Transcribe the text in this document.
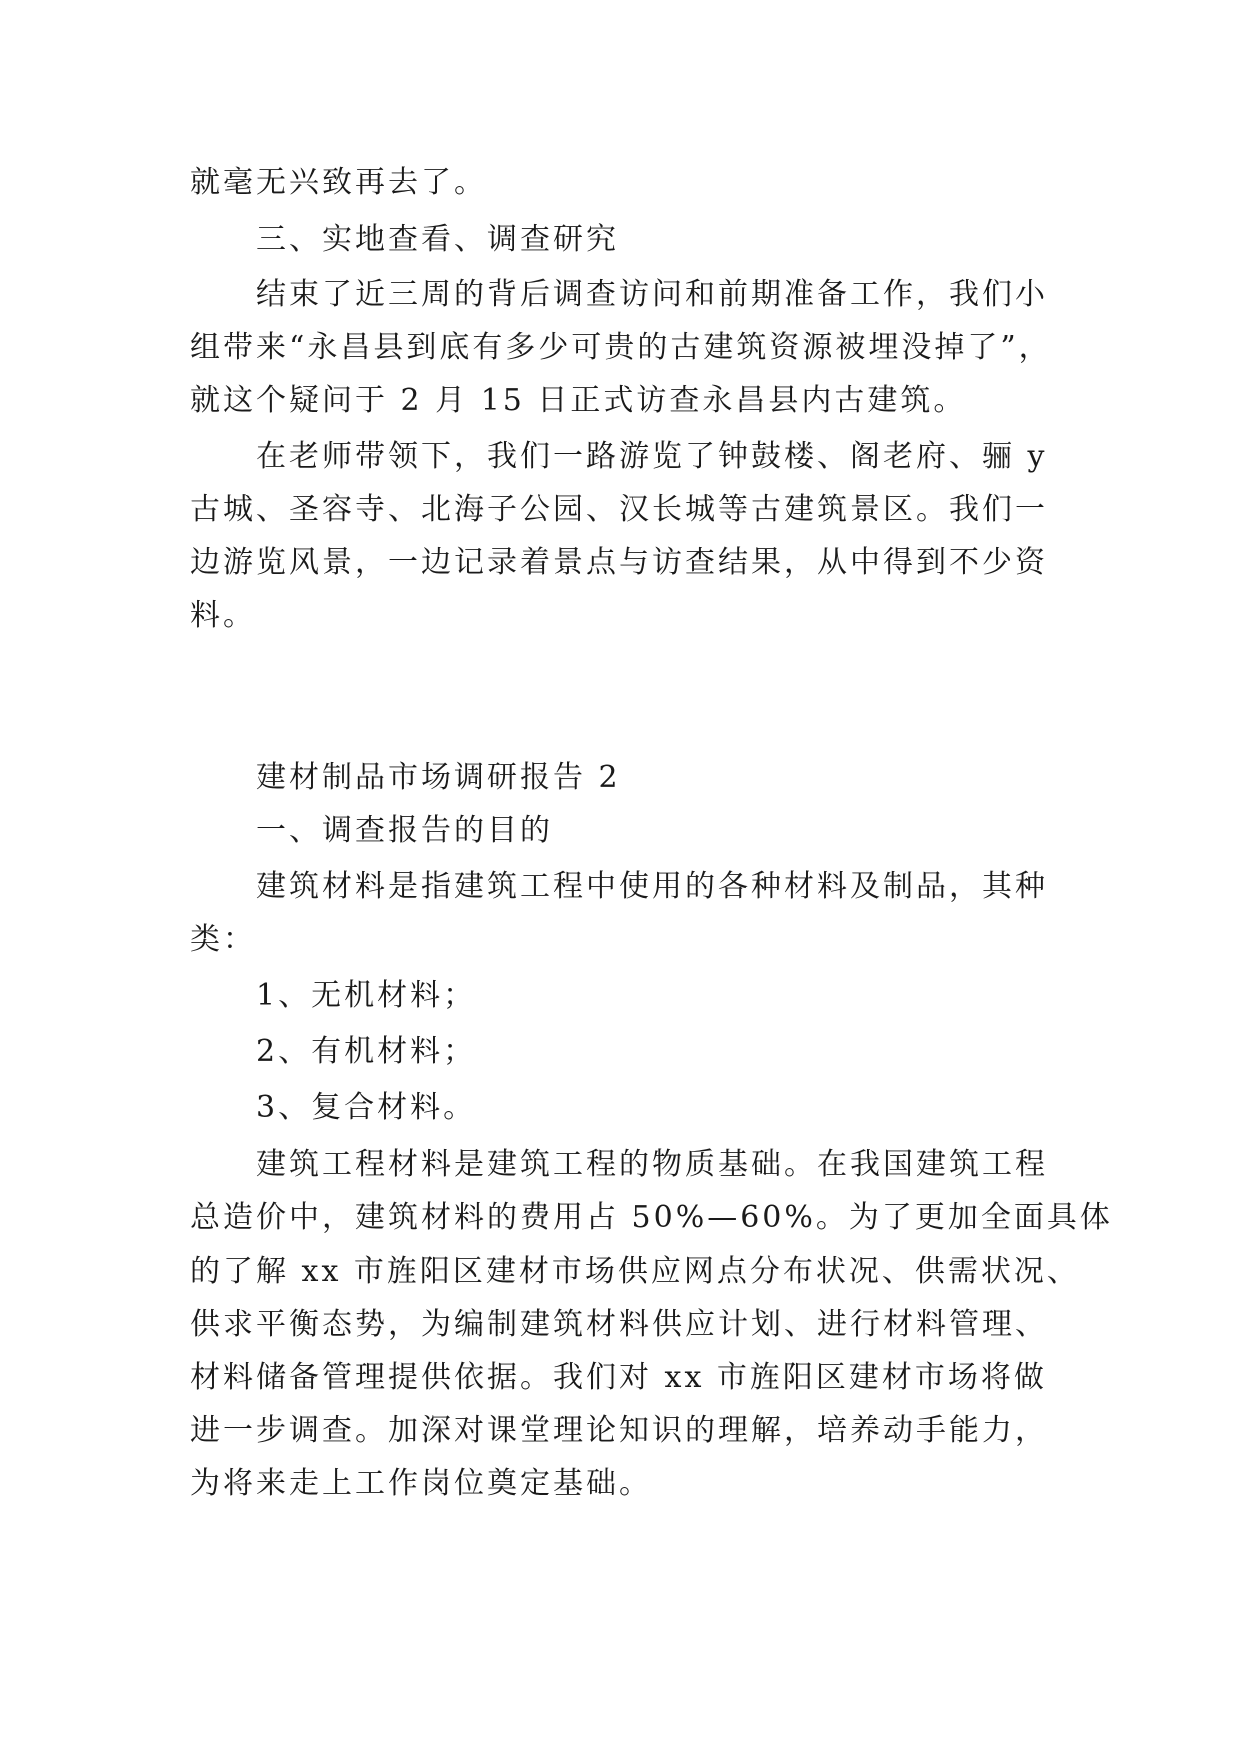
就毫无兴致再去了。
三、实地查看、调查研究
结束了近三周的背后调查访问和前期准备工作，我们小
组带来“永昌县到底有多少可贵的古建筑资源被埋没掉了”，
就这个疑问于 2 月 15 日正式访查永昌县内古建筑。
在老师带领下，我们一路游览了钟鼓楼、阁老府、骊 y
古城、圣容寺、北海子公园、汉长城等古建筑景区。我们一
边游览风景，一边记录着景点与访查结果，从中得到不少资
料。
建材制品市场调研报告 2
一、调查报告的目的
建筑材料是指建筑工程中使用的各种材料及制品，其种
类：
1、无机材料；
2、有机材料；
3、复合材料。
建筑工程材料是建筑工程的物质基础。在我国建筑工程
总造价中，建筑材料的费用占 50%—60%。为了更加全面具体
的了解 xx 市旌阳区建材市场供应网点分布状况、供需状况、
供求平衡态势，为编制建筑材料供应计划、进行材料管理、
材料储备管理提供依据。我们对 xx 市旌阳区建材市场将做
进一步调查。加深对课堂理论知识的理解，培养动手能力，
为将来走上工作岗位奠定基础。
